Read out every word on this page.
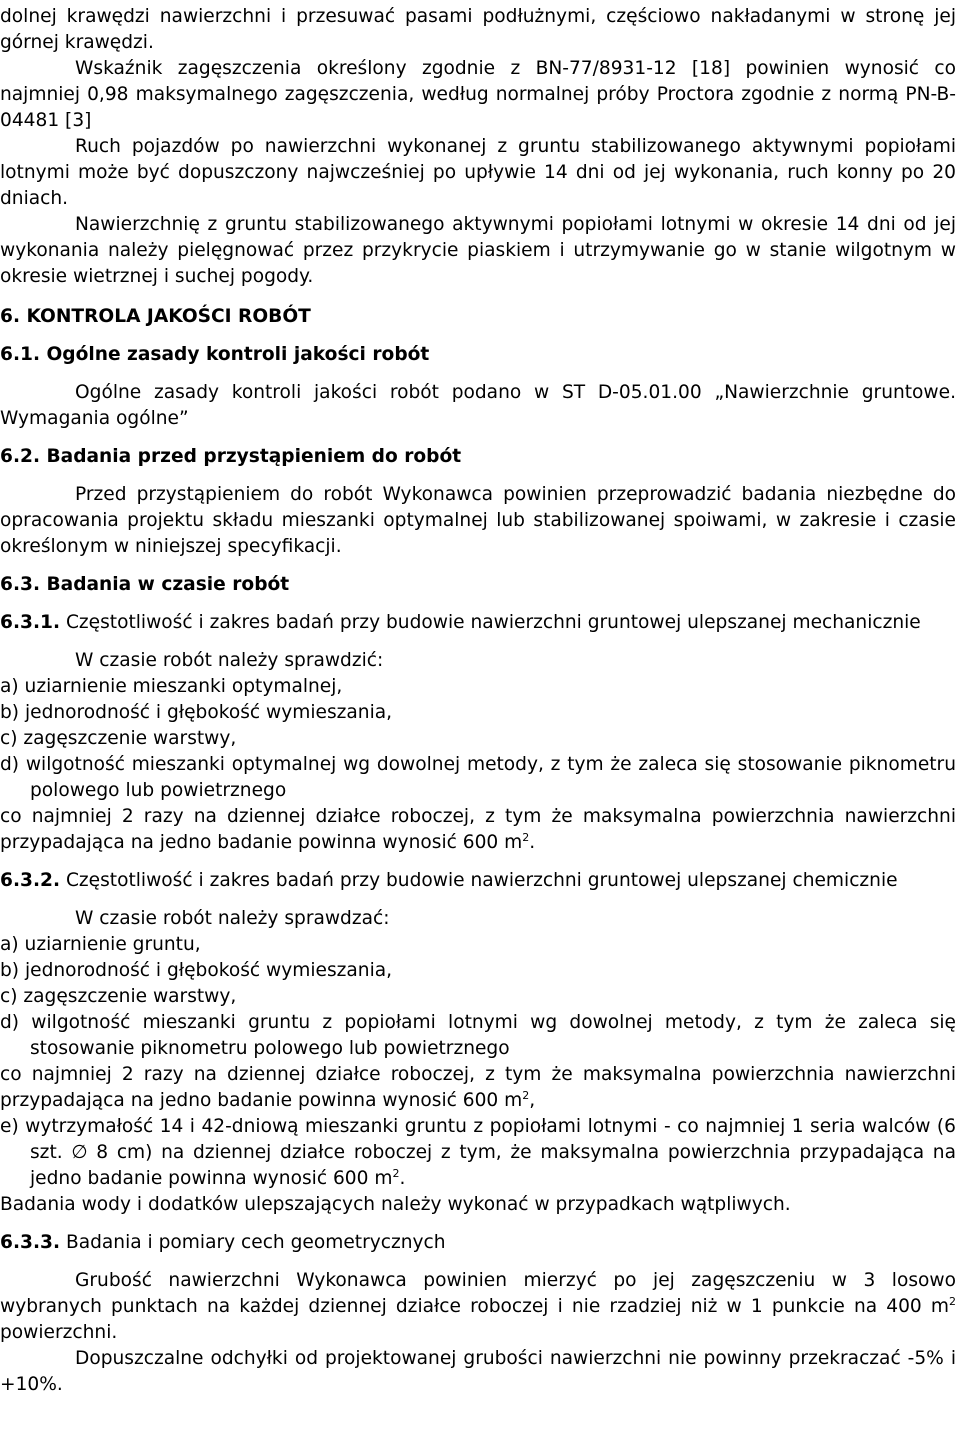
dolnej krawędzi nawierzchni i przesuwać pasami podłużnymi, częściowo nakładanymi w stronę jej górnej krawędzi.

Wskaźnik zagęszczenia określony zgodnie z BN-77/8931-12 [18] powinien wynosić co najmniej 0,98 maksymalnego zagęszczenia, według normalnej próby Proctora zgodnie z normą PN-B-04481 [3]

Ruch pojazdów po nawierzchni wykonanej z gruntu stabilizowanego aktywnymi popiołami lotnymi może być dopuszczony najwcześniej po upływie 14 dni od jej wykonania, ruch konny po 20 dniach.

Nawierzchnię z gruntu stabilizowanego aktywnymi popiołami lotnymi w okresie 14 dni od jej wykonania należy pielęgnować przez przykrycie piaskiem i utrzymywanie go w stanie wilgotnym w okresie wietrznej i suchej pogody.

6. KONTROLA JAKOŚCI ROBÓT

6.1. Ogólne zasady kontroli jakości robót

Ogólne zasady kontroli jakości robót podano w ST D-05.01.00 „Nawierzchnie gruntowe. Wymagania ogólne”

6.2. Badania przed przystąpieniem do robót

Przed przystąpieniem do robót Wykonawca powinien przeprowadzić badania niezbędne do opracowania projektu składu mieszanki optymalnej lub stabilizowanej spoiwami, w zakresie i czasie określonym w niniejszej specyfikacji.

6.3. Badania w czasie robót

6.3.1. Częstotliwość i zakres badań przy budowie nawierzchni gruntowej ulepszanej mechanicznie

W czasie robót należy sprawdzić:

a) uziarnienie mieszanki optymalnej,

b) jednorodność i głębokość wymieszania,

c) zagęszczenie warstwy,

d) wilgotność mieszanki optymalnej wg dowolnej metody, z tym że zaleca się stosowanie piknometru polowego lub powietrznego

co najmniej 2 razy na dziennej działce roboczej, z tym że maksymalna powierzchnia nawierzchni przypadająca na jedno badanie powinna wynosić 600 $m^2$.

6.3.2. Częstotliwość i zakres badań przy budowie nawierzchni gruntowej ulepszanej chemicznie

W czasie robót należy sprawdzać:

a) uziarnienie gruntu,

b) jednorodność i głębokość wymieszania,

c) zagęszczenie warstwy,

d) wilgotność mieszanki gruntu z popiołami lotnymi wg dowolnej metody, z tym że zaleca się stosowanie piknometru polowego lub powietrznego

co najmniej 2 razy na dziennej działce roboczej, z tym że maksymalna powierzchnia nawierzchni przypadająca na jedno badanie powinna wynosić 600 $m^2$,

e) wytrzymałość 14 i 42-dniową mieszanki gruntu z popiołami lotnymi - co najmniej 1 seria walców (6 szt. ∅ 8 cm) na dziennej działce roboczej z tym, że maksymalna powierzchnia przypadająca na jedno badanie powinna wynosić 600 $m^2$.

Badania wody i dodatków ulepszających należy wykonać w przypadkach wątpliwych.

6.3.3. Badania i pomiary cech geometrycznych

Grubość nawierzchni Wykonawca powinien mierzyć po jej zagęszczeniu w 3 losowo wybranych punktach na każdej dziennej działce roboczej i nie rzadziej niż w 1 punkcie na 400 $m^2$ powierzchni.

Dopuszczalne odchyłki od projektowanej grubości nawierzchni nie powinny przekraczać -5% i +10%.
